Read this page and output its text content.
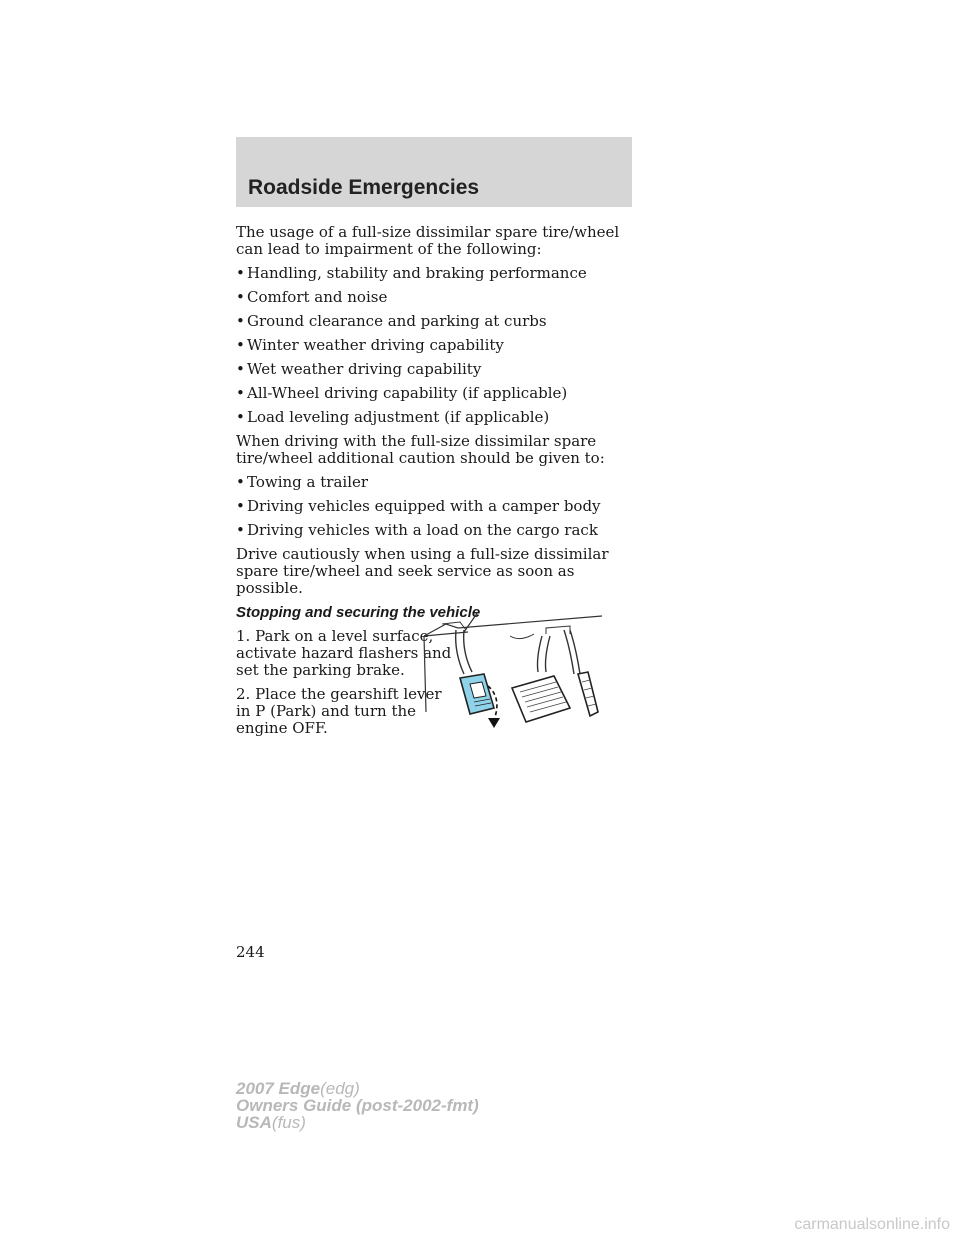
Roadside Emergencies

The usage of a full-size dissimilar spare tire/wheel can lead to impairment of the following:

• Handling, stability and braking performance
• Comfort and noise
• Ground clearance and parking at curbs
• Winter weather driving capability
• Wet weather driving capability
• All-Wheel driving capability (if applicable)
• Load leveling adjustment (if applicable)

When driving with the full-size dissimilar spare tire/wheel additional caution should be given to:

• Towing a trailer
• Driving vehicles equipped with a camper body
• Driving vehicles with a load on the cargo rack

Drive cautiously when using a full-size dissimilar spare tire/wheel and seek service as soon as possible.

Stopping and securing the vehicle

1. Park on a level surface, activate hazard flashers and set the parking brake.

2. Place the gearshift lever in P (Park) and turn the engine OFF.

244
2007 Edge(edg)
Owners Guide (post-2002-fmt)
USA(fus)
carmanualsonline.info
